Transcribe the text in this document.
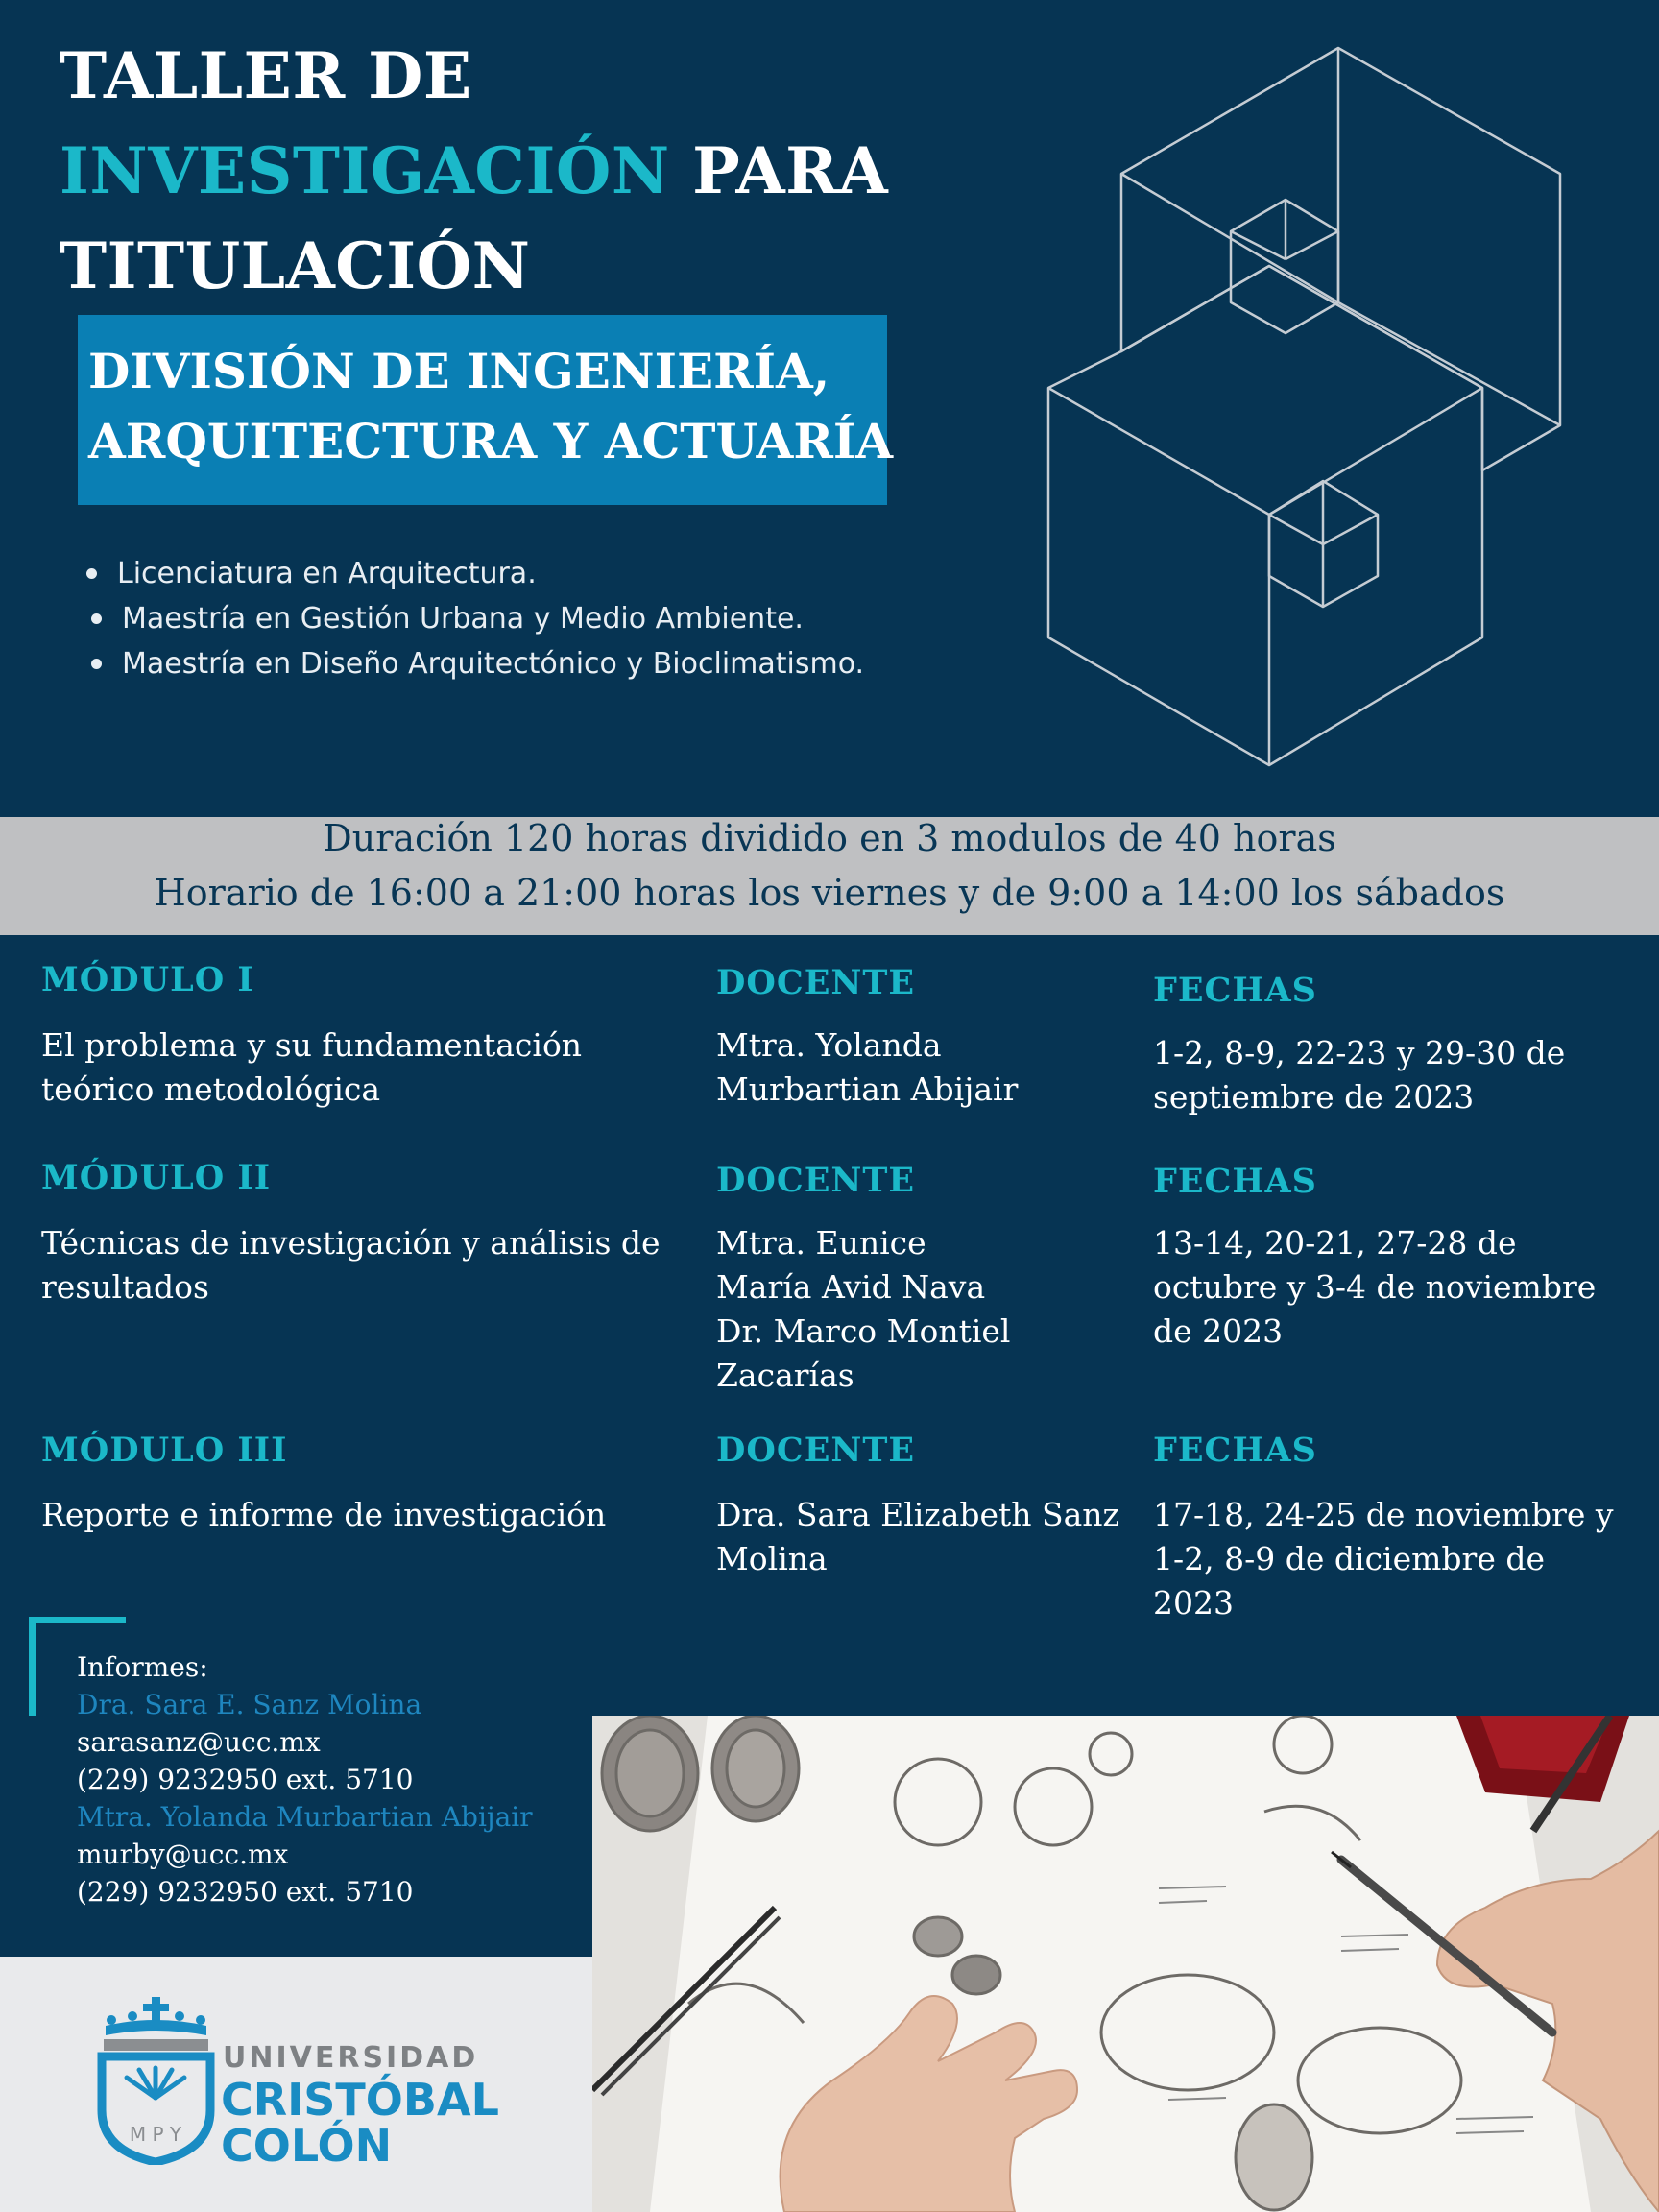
TALLER DE
INVESTIGACIÓN PARA
TITULACIÓN
DIVISIÓN DE INGENIERÍA,
ARQUITECTURA Y ACTUARÍA
Licenciatura en Arquitectura.
Maestría en Gestión Urbana y Medio Ambiente.
Maestría en Diseño Arquitectónico y Bioclimatismo.
Duración 120 horas dividido en 3 modulos de 40 horas
Horario de 16:00 a 21:00 horas los viernes y de 9:00 a 14:00 los sábados
MÓDULO I
El problema y su fundamentación teórico metodológica
DOCENTE
Mtra. Yolanda Murbartian Abijair
FECHAS
1-2, 8-9, 22-23 y 29-30 de septiembre de 2023
MÓDULO II
Técnicas de investigación y análisis de resultados
DOCENTE
Mtra. Eunice María Avid Nava Dr. Marco Montiel Zacarías
FECHAS
13-14, 20-21, 27-28 de octubre y 3-4 de noviembre de 2023
MÓDULO III
Reporte e informe de investigación
DOCENTE
Dra. Sara Elizabeth Sanz Molina
FECHAS
17-18, 24-25 de noviembre y 1-2, 8-9 de diciembre de 2023
Informes:
Dra. Sara E. Sanz Molina
sarasanz@ucc.mx
(229) 9232950 ext. 5710
Mtra. Yolanda Murbartian Abijair
murby@ucc.mx
(229) 9232950 ext. 5710
M P Y
UNIVERSIDAD
CRISTÓBAL
COLÓN
